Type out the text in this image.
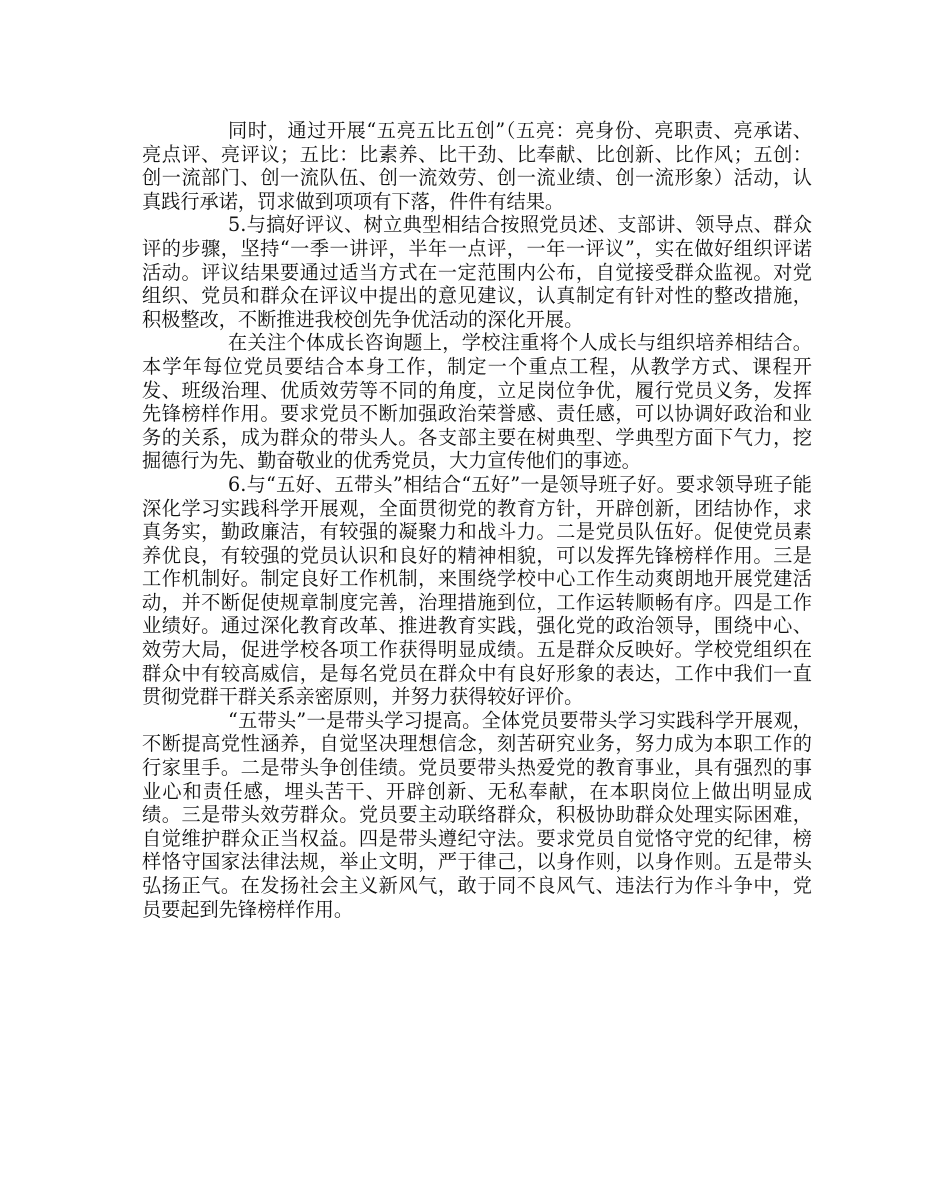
同时，通过开展“五亮五比五创”（五亮：亮身份、亮职责、亮承诺、亮点评、亮评议；五比：比素养、比干劲、比奉献、比创新、比作风；五创：创一流部门、创一流队伍、创一流效劳、创一流业绩、创一流形象）活动，认真践行承诺，罚求做到项项有下落，件件有结果。

5.与搞好评议、树立典型相结合按照党员述、支部讲、领导点、群众评的步骤，坚持“一季一讲评，半年一点评，一年一评议”，实在做好组织评诺活动。评议结果要通过适当方式在一定范围内公布，自觉接受群众监视。对党组织、党员和群众在评议中提出的意见建议，认真制定有针对性的整改措施，积极整改，不断推进我校创先争优活动的深化开展。

在关注个体成长咨询题上，学校注重将个人成长与组织培养相结合。本学年每位党员要结合本身工作，制定一个重点工程，从教学方式、课程开发、班级治理、优质效劳等不同的角度，立足岗位争优，履行党员义务，发挥先锋榜样作用。要求党员不断加强政治荣誉感、责任感，可以协调好政治和业务的关系，成为群众的带头人。各支部主要在树典型、学典型方面下气力，挖掘德行为先、勤奋敬业的优秀党员，大力宣传他们的事迹。

6.与“五好、五带头”相结合“五好”一是领导班子好。要求领导班子能深化学习实践科学开展观，全面贯彻党的教育方针，开辟创新，团结协作，求真务实，勤政廉洁，有较强的凝聚力和战斗力。二是党员队伍好。促使党员素养优良，有较强的党员认识和良好的精神相貌，可以发挥先锋榜样作用。三是工作机制好。制定良好工作机制，来围绕学校中心工作生动爽朗地开展党建活动，并不断促使规章制度完善，治理措施到位，工作运转顺畅有序。四是工作业绩好。通过深化教育改革、推进教育实践，强化党的政治领导，围绕中心、效劳大局，促进学校各项工作获得明显成绩。五是群众反映好。学校党组织在群众中有较高威信，是每名党员在群众中有良好形象的表达，工作中我们一直贯彻党群干群关系亲密原则，并努力获得较好评价。

“五带头”一是带头学习提高。全体党员要带头学习实践科学开展观，不断提高党性涵养，自觉坚决理想信念，刻苦研究业务，努力成为本职工作的行家里手。二是带头争创佳绩。党员要带头热爱党的教育事业，具有强烈的事业心和责任感，埋头苦干、开辟创新、无私奉献，在本职岗位上做出明显成绩。三是带头效劳群众。党员要主动联络群众，积极协助群众处理实际困难，自觉维护群众正当权益。四是带头遵纪守法。要求党员自觉恪守党的纪律，榜样恪守国家法律法规，举止文明，严于律己，以身作则，以身作则。五是带头弘扬正气。在发扬社会主义新风气，敢于同不良风气、违法行为作斗争中，党员要起到先锋榜样作用。
